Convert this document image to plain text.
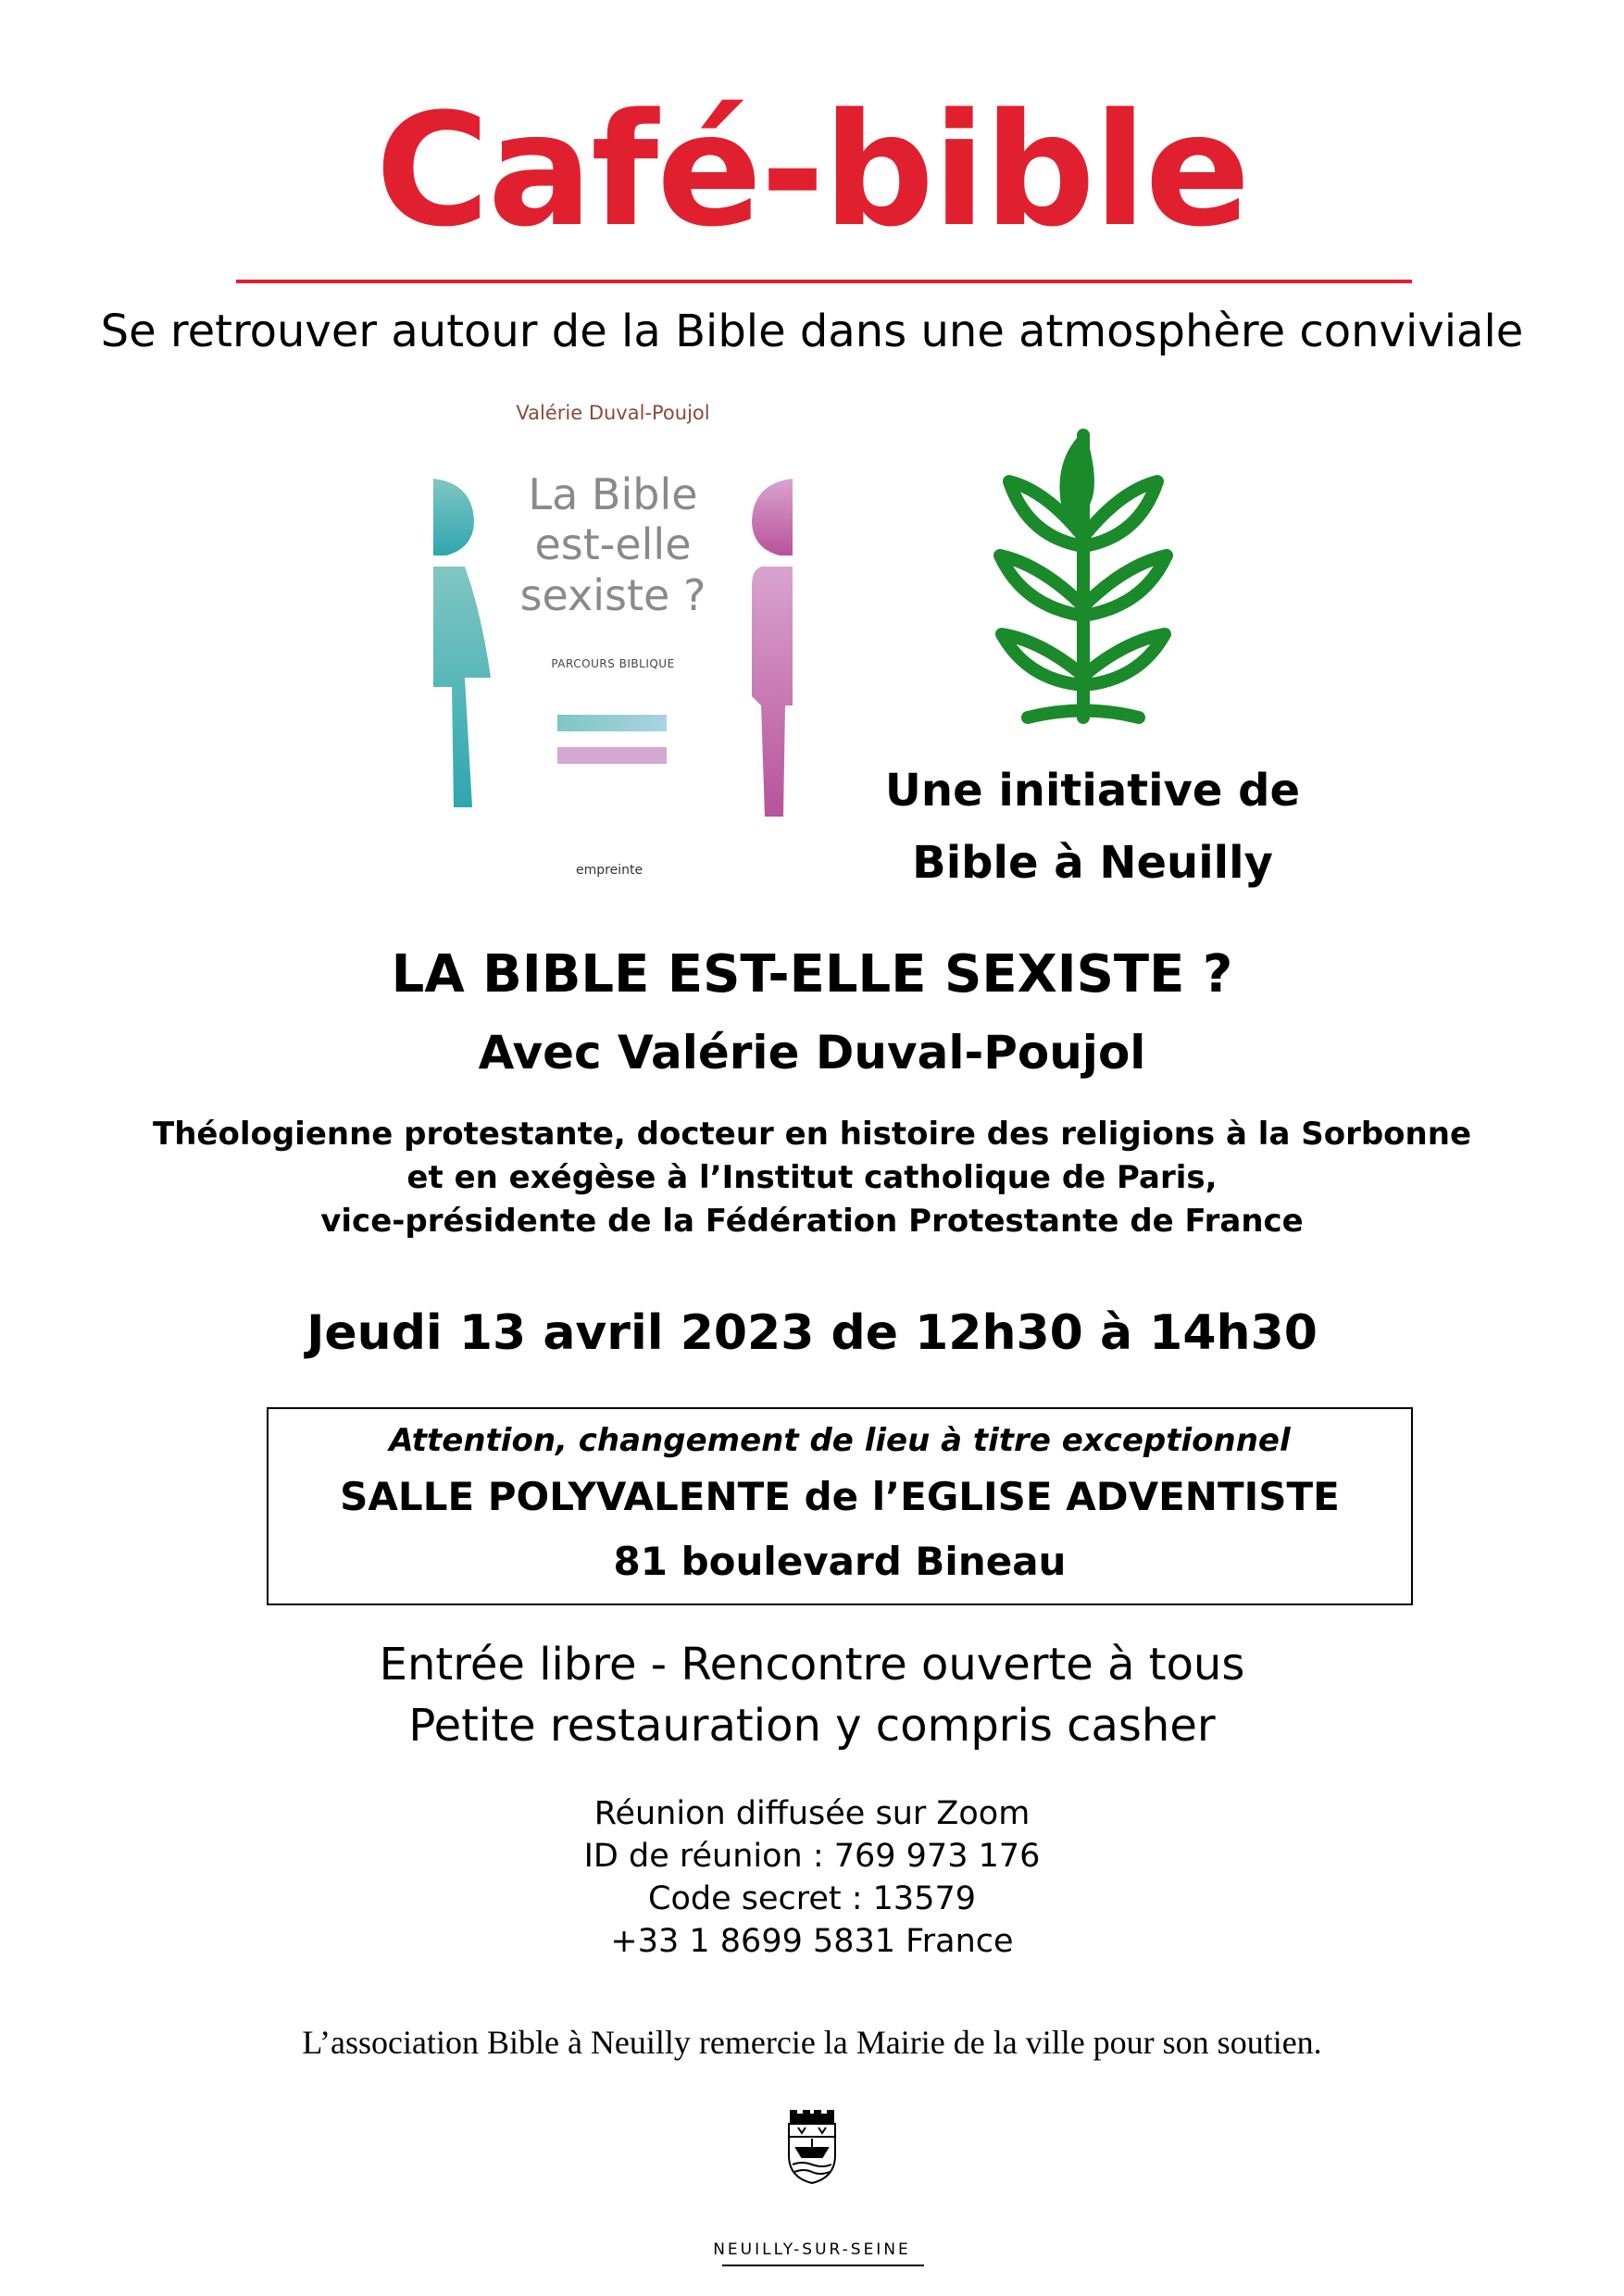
Café-bible
Se retrouver autour de la Bible dans une atmosphère conviviale
Valérie Duval-Poujol
La Bible
est-elle
sexiste ?
PARCOURS BIBLIQUE
empreinte
Une initiative de
Bible à Neuilly
LA BIBLE EST-ELLE SEXISTE ?
Avec Valérie Duval-Poujol
Théologienne protestante, docteur en histoire des religions à la Sorbonne
et en exégèse à l’Institut catholique de Paris,
vice-présidente de la Fédération Protestante de France
Jeudi 13 avril 2023 de 12h30 à 14h30
Attention, changement de lieu à titre exceptionnel
SALLE POLYVALENTE de l’EGLISE ADVENTISTE
81 boulevard Bineau
Entrée libre - Rencontre ouverte à tous
Petite restauration y compris casher
Réunion diffusée sur Zoom
ID de réunion : 769 973 176
Code secret : 13579
+33 1 8699 5831 France
L’association Bible à Neuilly remercie la Mairie de la ville pour son soutien.
NEUILLY-SUR-SEINE
